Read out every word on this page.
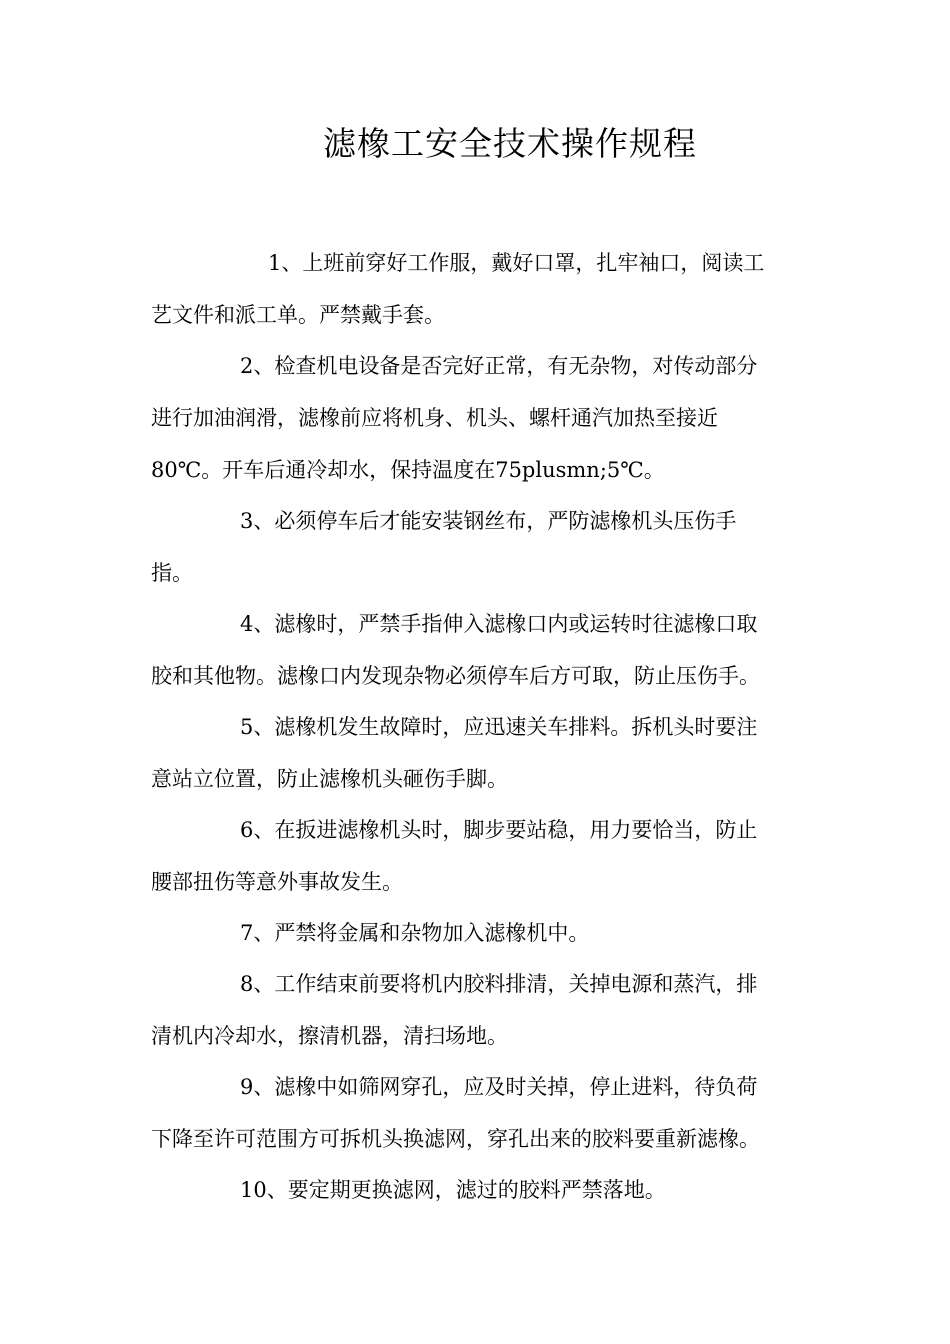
滤橡工安全技术操作规程

1、上班前穿好工作服，戴好口罩，扎牢袖口，阅读工

艺文件和派工单。严禁戴手套。

2、检查机电设备是否完好正常，有无杂物，对传动部分

进行加油润滑，滤橡前应将机身、机头、螺杆通汽加热至接近

80℃。开车后通冷却水，保持温度在75plusmn;5℃。

3、必须停车后才能安装钢丝布，严防滤橡机头压伤手

指。

4、滤橡时，严禁手指伸入滤橡口内或运转时往滤橡口取

胶和其他物。滤橡口内发现杂物必须停车后方可取，防止压伤手。

5、滤橡机发生故障时，应迅速关车排料。拆机头时要注

意站立位置，防止滤橡机头砸伤手脚。

6、在扳进滤橡机头时，脚步要站稳，用力要恰当，防止

腰部扭伤等意外事故发生。

7、严禁将金属和杂物加入滤橡机中。

8、工作结束前要将机内胶料排清，关掉电源和蒸汽，排

清机内冷却水，擦清机器，清扫场地。

9、滤橡中如筛网穿孔，应及时关掉，停止进料，待负荷

下降至许可范围方可拆机头换滤网，穿孔出来的胶料要重新滤橡。

10、要定期更换滤网，滤过的胶料严禁落地。
